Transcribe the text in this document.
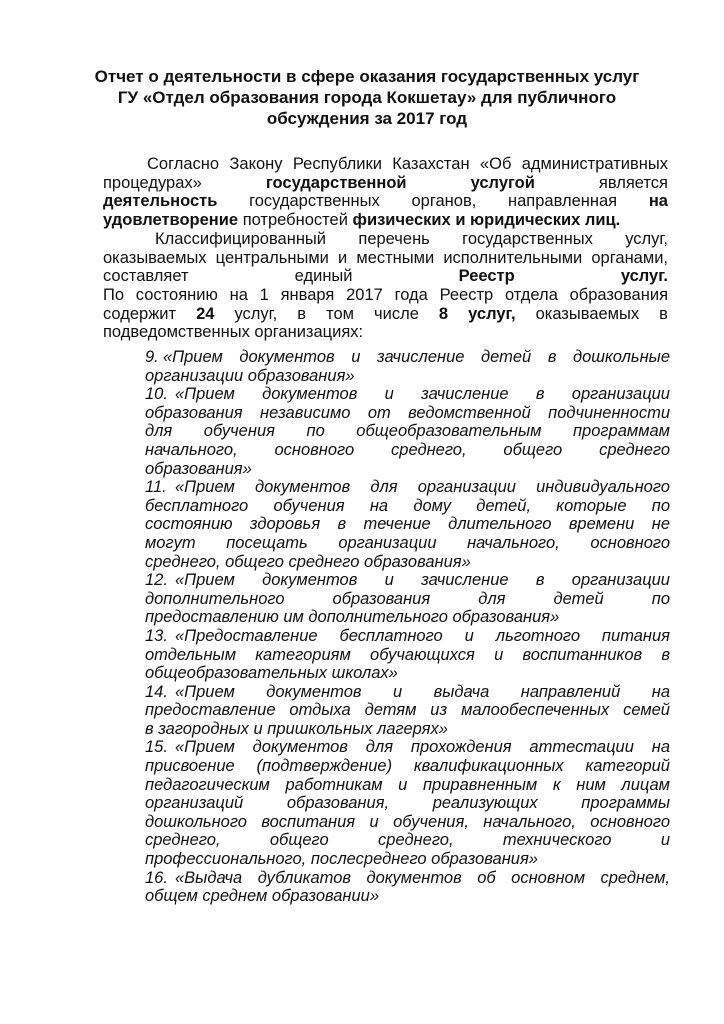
Отчет о деятельности в сфере оказания государственных услуг
ГУ «Отдел образования города Кокшетау» для публичного
обсуждения за 2017 год
Согласно Закону Республики Казахстан «Об административных
процедурах»	государственной	услугой	является
деятельность государственных органов, направленная на
удовлетворение потребностей физических и юридических лиц.
Классифицированный перечень государственных услуг,
оказываемых центральными и местными исполнительными органами,
составляет	единый	Реестр	услуг.
По состоянию на 1 января 2017 года Реестр отдела образования
содержит 24 услуг, в том числе 8 услуг, оказываемых в
подведомственных организациях:
9. «Прием документов и зачисление детей в дошкольные
организации образования»
10. «Прием документов и зачисление в организации
образования независимо от ведомственной подчиненности
для обучения по общеобразовательным программам
начального, основного среднего, общего среднего
образования»
11. «Прием документов для организации индивидуального
бесплатного обучения на дому детей, которые по
состоянию здоровья в течение длительного времени не
могут посещать организации начального, основного
среднего, общего среднего образования»
12. «Прием документов и зачисление в организации
дополнительного образования для детей по
предоставлению им дополнительного образования»
13. «Предоставление бесплатного и льготного питания
отдельным категориям обучающихся и воспитанников в
общеобразовательных школах»
14. «Прием документов и выдача направлений на
предоставление отдыха детям из малообеспеченных семей
в загородных и пришкольных лагерях»
15. «Прием документов для прохождения аттестации на
присвоение (подтверждение) квалификационных категорий
педагогическим работникам и приравненным к ним лицам
организаций образования, реализующих программы
дошкольного воспитания и обучения, начального, основного
среднего, общего среднего, технического и
профессионального, послесреднего образования»
16. «Выдача дубликатов документов об основном среднем,
общем среднем образовании»
